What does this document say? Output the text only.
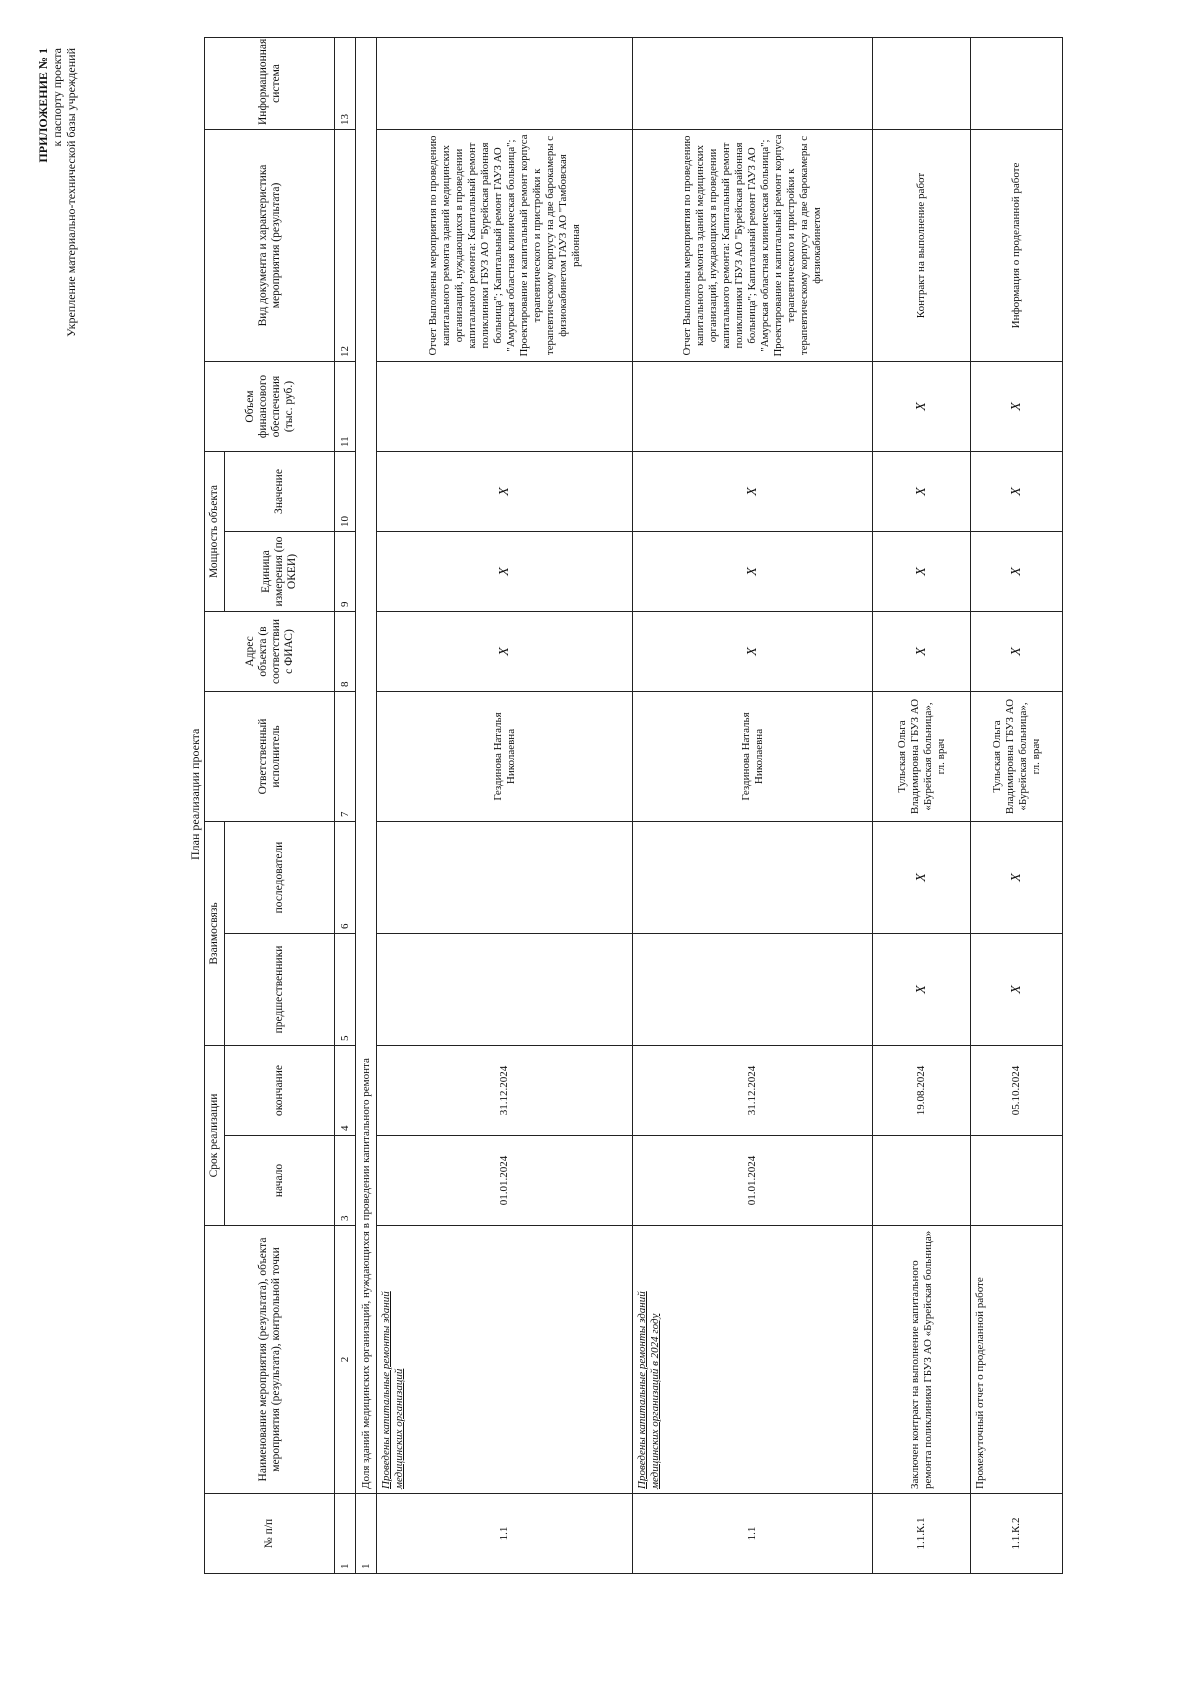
ПРИЛОЖЕНИЕ № 1 к паспорту проекта Укрепление материально-технической базы учреждений
План реализации проекта
№ п/п	Наименование мероприятия (результата), объекта мероприятия (результата), контрольной точки	Срок реализации		Взаимосвязь		Ответственный исполнитель	Адрес объекта (в соответствии с ФИАС)	Мощность объекта		Объем финансового обеспечения (тыс. руб.)	Вид документа и характеристика мероприятия (результата)	Информационная система
		начало	окончание	предшественники	последователи			Единица измерения (по ОКЕИ)	Значение			
1	2	3	4	5	6	7	8	9	10	11	12	13
1	Доля зданий медицинских организаций, нуждающихся в проведении капитального ремонта											
1.1	Проведены капитальные ремонты зданий медицинских организаций	01.01.2024	31.12.2024			Гездинова Наталья Николаевна	X	X	X		Отчет Выполнены мероприятия по проведению капитального ремонта зданий медицинских организаций, нуждающихся в проведении капитального ремонта: Капитальный ремонт поликлиники ГБУЗ АО "Бурейская районная больница"; Капитальный ремонт ГАУЗ АО "Амурская областная клиническая больница"; Проектирование и капитальный ремонт корпуса терапевтического и пристройки к терапевтическому корпусу на две барокамеры с физиокабинетом ГАУЗ АО "Тамбовская районная	
1.1	Проведены капитальные ремонты зданий медицинских организаций в 2024 году	01.01.2024	31.12.2024			Гездинова Наталья Николаевна	X	X	X		Отчет Выполнены мероприятия по проведению капитального ремонта зданий медицинских организаций, нуждающихся в проведении капитального ремонта: Капитальный ремонт поликлиники ГБУЗ АО "Бурейская районная больница"; Капитальный ремонт ГАУЗ АО "Амурская областная клиническая больница"; Проектирование и капитальный ремонт корпуса терапевтического и пристройки к терапевтическому корпусу на две барокамеры с физиокабинетом	
1.1.К.1	Заключен контракт на выполнение капитального ремонта поликлиники ГБУЗ АО «Бурейская больница»		19.08.2024	X	X	Тульская Ольга Владимировна ГБУЗ АО «Бурейская больница», гл. врач	X	X	X	X	Контракт на выполнение работ	
1.1.К.2	Промежуточный отчет о проделанной работе		05.10.2024	X	X	Тульская Ольга Владимировна ГБУЗ АО «Бурейская больница», гл. врач	X	X	X	X	Информация о проделанной работе	
